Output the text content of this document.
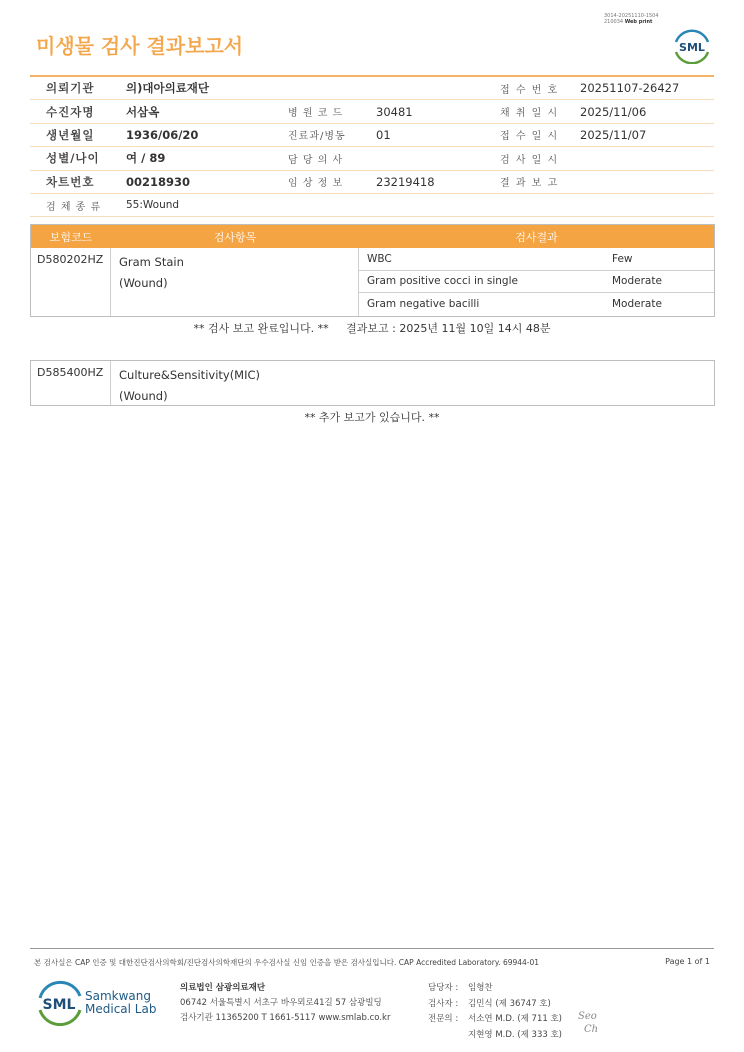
미생물 검사 결과보고서
3014-20251110-1504
210034 Web print
SML
의뢰기관	의)대아의료재단	접 수 번 호	20251107-26427
수진자명	서삼옥	병 원 코 드	30481	채 취 일 시	2025/11/06
생년월일	1936/06/20	진료과/병동	01	접 수 일 시	2025/11/07
성별/나이	여 / 89	담 당 의 사	검 사 일 시
차트번호	00218930	임 상 정 보	23219418	결 과 보 고
검 체 종 류	55:Wound
보험코드	검사항목	검사결과
D580202HZ	Gram Stain
(Wound)
WBC	Few
Gram positive cocci in single	Moderate
Gram negative bacilli	Moderate
** 검사 보고 완료입니다. **     결과보고 : 2025년 11월 10일 14시 48분
D585400HZ	Culture&Sensitivity(MIC)
(Wound)
** 추가 보고가 있습니다. **
본 검사실은 CAP 인증 및 대한진단검사의학회/진단검사의학재단의 우수검사실 신임 인증을 받은 검사실입니다. CAP Accredited Laboratory. 69944-01	Page 1 of 1
SML
Samkwang
Medical Lab
의료법인 삼광의료재단
06742 서울특별시 서초구 바우뫼로41길 57 삼광빌딩
검사기관 11365200 T 1661-5117 www.smlab.co.kr
담당자 :	임형찬
검사자 :	김민식 (제 36747 호)
전문의 :	서소연 M.D. (제 711 호)
지현영 M.D. (제 333 호)
Seo
Ch
